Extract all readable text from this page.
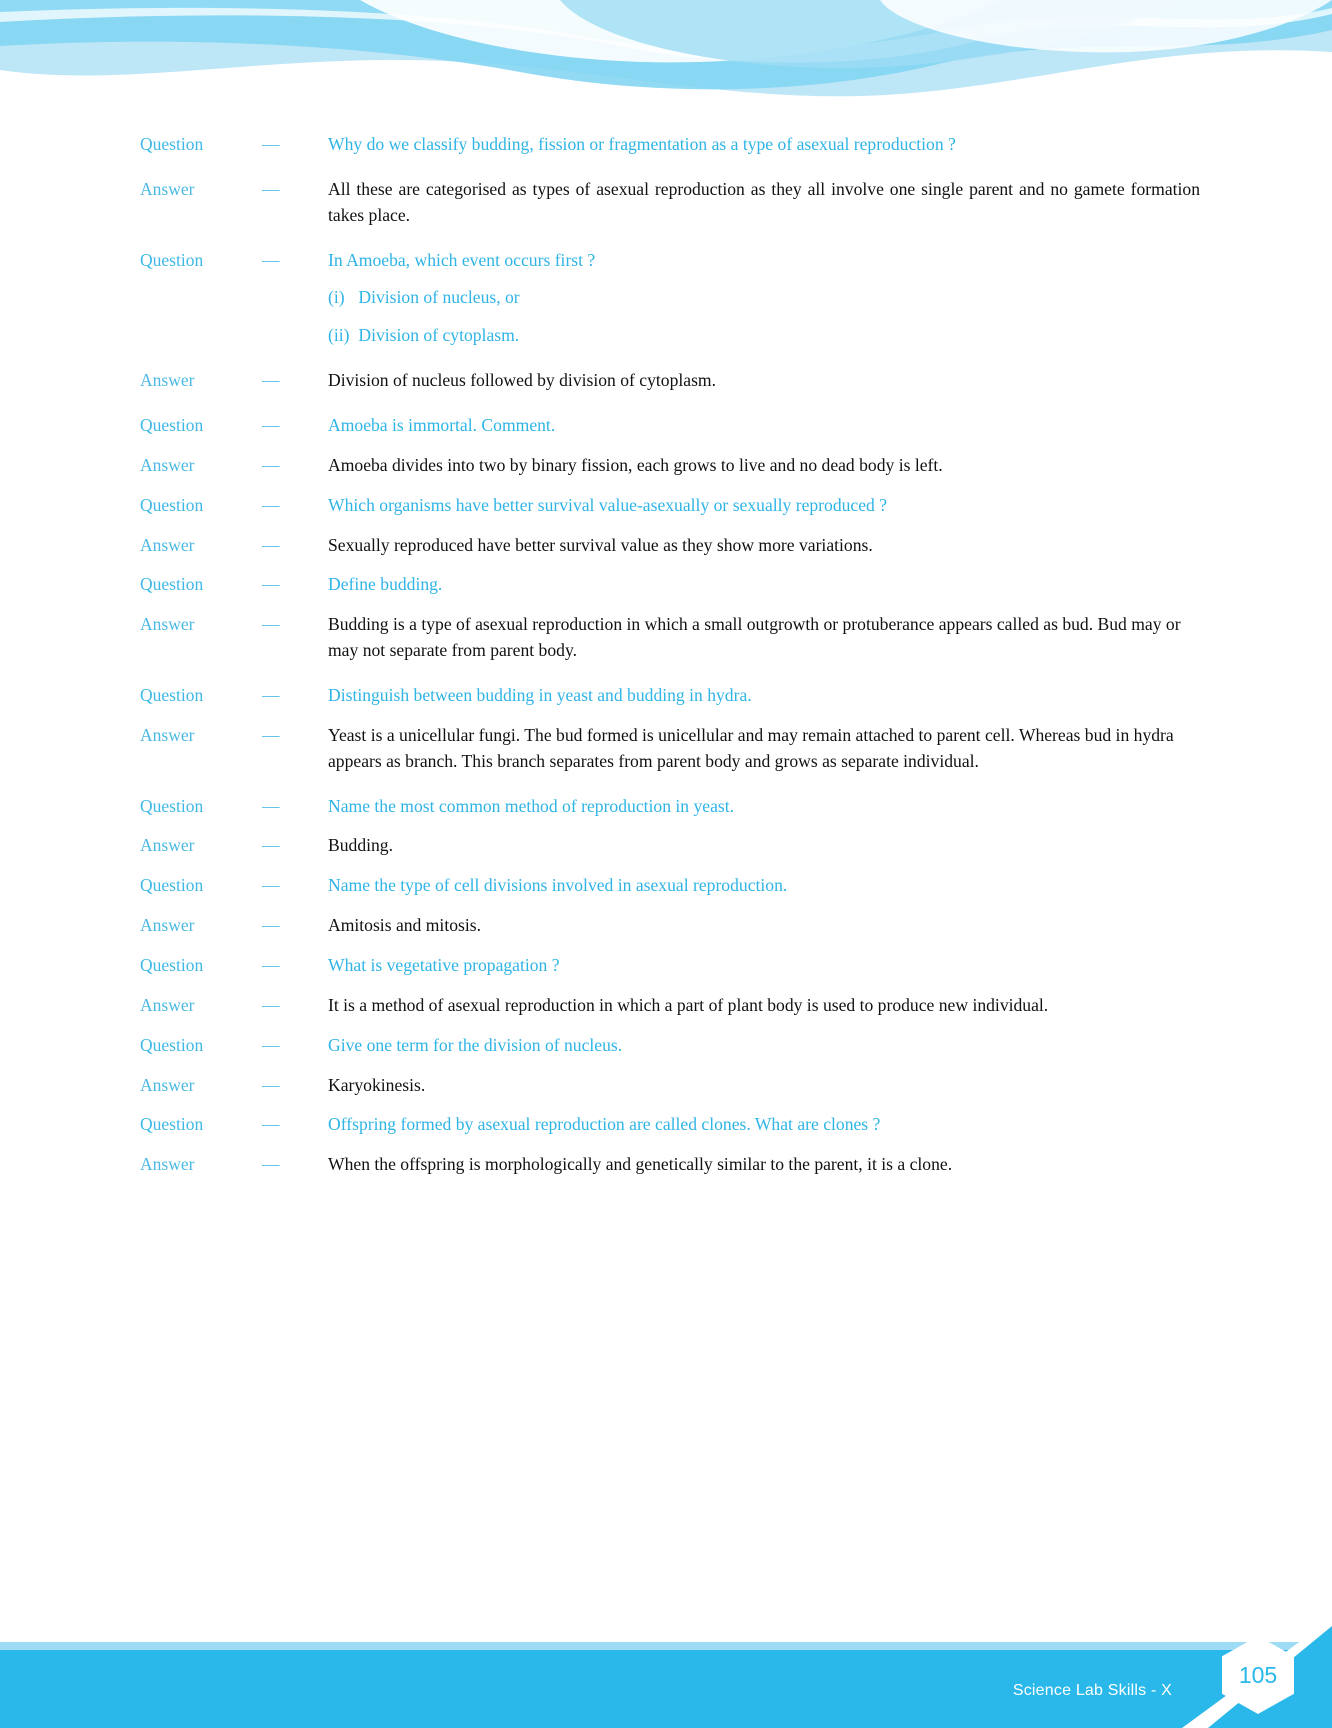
Question	—	Why do we classify budding, fission or fragmentation as a type of asexual reproduction ?
Answer	—	All these are categorised as types of asexual reproduction as they all involve one single parent and no gamete formation takes place.
Question	—	In Amoeba, which event occurs first ?
(i) Division of nucleus, or
(ii) Division of cytoplasm.
Answer	—	Division of nucleus followed by division of cytoplasm.
Question	—	Amoeba is immortal. Comment.
Answer	—	Amoeba divides into two by binary fission, each grows to live and no dead body is left.
Question	—	Which organisms have better survival value-asexually or sexually reproduced ?
Answer	—	Sexually reproduced have better survival value as they show more variations.
Question	—	Define budding.
Answer	—	Budding is a type of asexual reproduction in which a small outgrowth or protuberance appears called as bud. Bud may or may not separate from parent body.
Question	—	Distinguish between budding in yeast and budding in hydra.
Answer	—	Yeast is a unicellular fungi. The bud formed is unicellular and may remain attached to parent cell. Whereas bud in hydra appears as branch. This branch separates from parent body and grows as separate individual.
Question	—	Name the most common method of reproduction in yeast.
Answer	—	Budding.
Question	—	Name the type of cell divisions involved in asexual reproduction.
Answer	—	Amitosis and mitosis.
Question	—	What is vegetative propagation ?
Answer	—	It is a method of asexual reproduction in which a part of plant body is used to produce new individual.
Question	—	Give one term for the division of nucleus.
Answer	—	Karyokinesis.
Question	—	Offspring formed by asexual reproduction are called clones. What are clones ?
Answer	—	When the offspring is morphologically and genetically similar to the parent, it is a clone.
Science Lab Skills - X
105
